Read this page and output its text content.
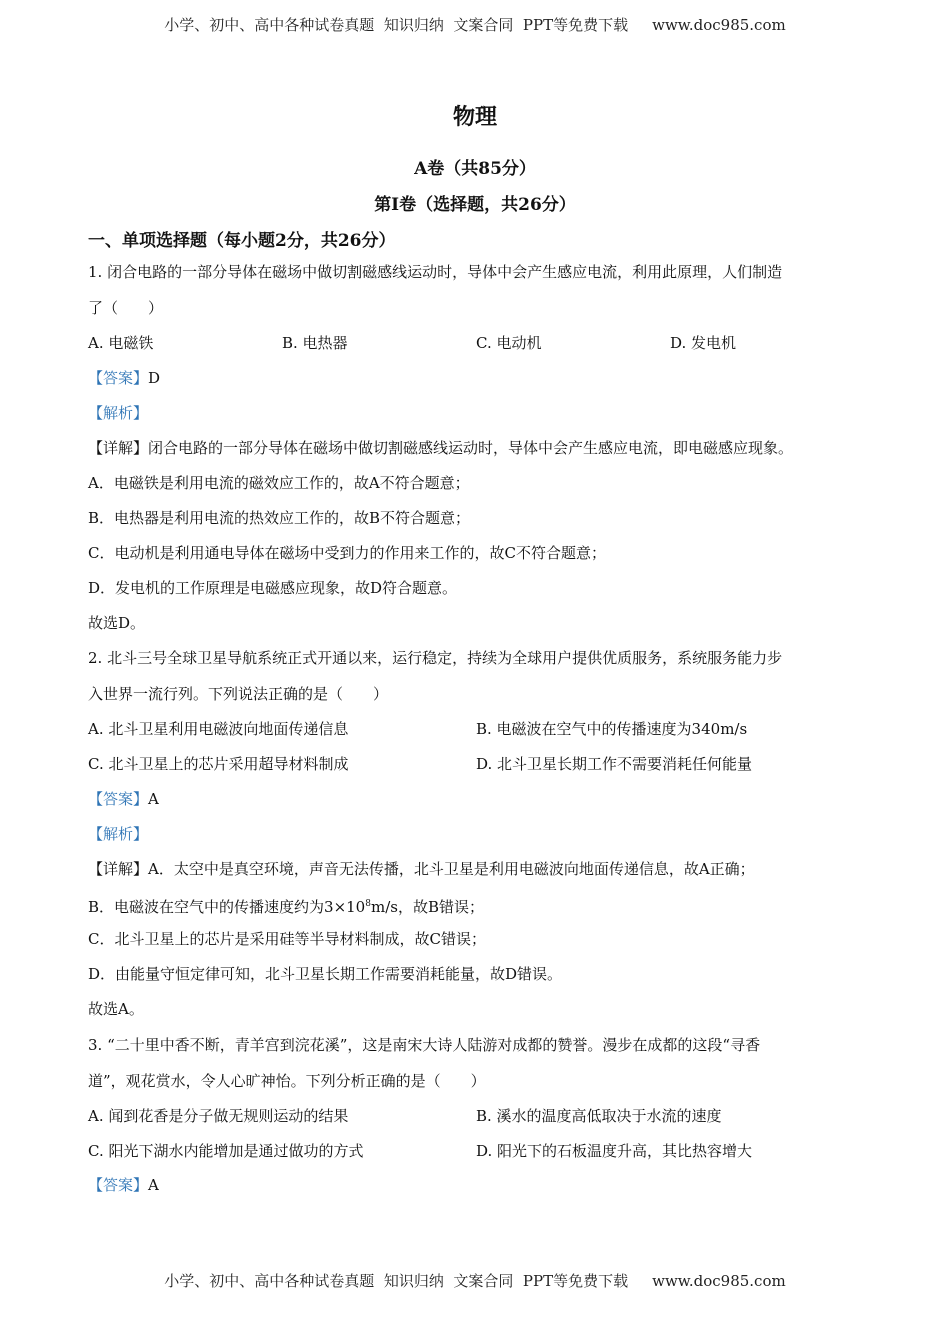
小学、初中、高中各种试卷真题  知识归纳  文案合同  PPT等免费下载 www.doc985.com
物理
A卷（共85分）
第Ⅰ卷（选择题，共26分）
一、单项选择题（每小题2分，共26分）
1. 闭合电路的一部分导体在磁场中做切割磁感线运动时，导体中会产生感应电流，利用此原理，人们制造
了（　　）
A. 电磁铁	B. 电热器	C. 电动机	D. 发电机
【答案】D
【解析】
【详解】闭合电路的一部分导体在磁场中做切割磁感线运动时，导体中会产生感应电流，即电磁感应现象。
A．电磁铁是利用电流的磁效应工作的，故A不符合题意；
B．电热器是利用电流的热效应工作的，故B不符合题意；
C．电动机是利用通电导体在磁场中受到力的作用来工作的，故C不符合题意；
D．发电机的工作原理是电磁感应现象，故D符合题意。
故选D。
2. 北斗三号全球卫星导航系统正式开通以来，运行稳定，持续为全球用户提供优质服务，系统服务能力步
入世界一流行列。下列说法正确的是（　　）
A. 北斗卫星利用电磁波向地面传递信息	B. 电磁波在空气中的传播速度为340m/s
C. 北斗卫星上的芯片采用超导材料制成	D. 北斗卫星长期工作不需要消耗任何能量
【答案】A
【解析】
【详解】A．太空中是真空环境，声音无法传播，北斗卫星是利用电磁波向地面传递信息，故A正确；
B．电磁波在空气中的传播速度约为$3\times 10^8m/s$，故B错误；
C．北斗卫星上的芯片是采用硅等半导材料制成，故C错误；
D．由能量守恒定律可知，北斗卫星长期工作需要消耗能量，故D错误。
故选A。
3. “二十里中香不断，青羊宫到浣花溪”，这是南宋大诗人陆游对成都的赞誉。漫步在成都的这段“寻香
道”，观花赏水，令人心旷神怡。下列分析正确的是（　　）
A. 闻到花香是分子做无规则运动的结果	B. 溪水的温度高低取决于水流的速度
C. 阳光下湖水内能增加是通过做功的方式	D. 阳光下的石板温度升高，其比热容增大
【答案】A
小学、初中、高中各种试卷真题  知识归纳  文案合同  PPT等免费下载 www.doc985.com
